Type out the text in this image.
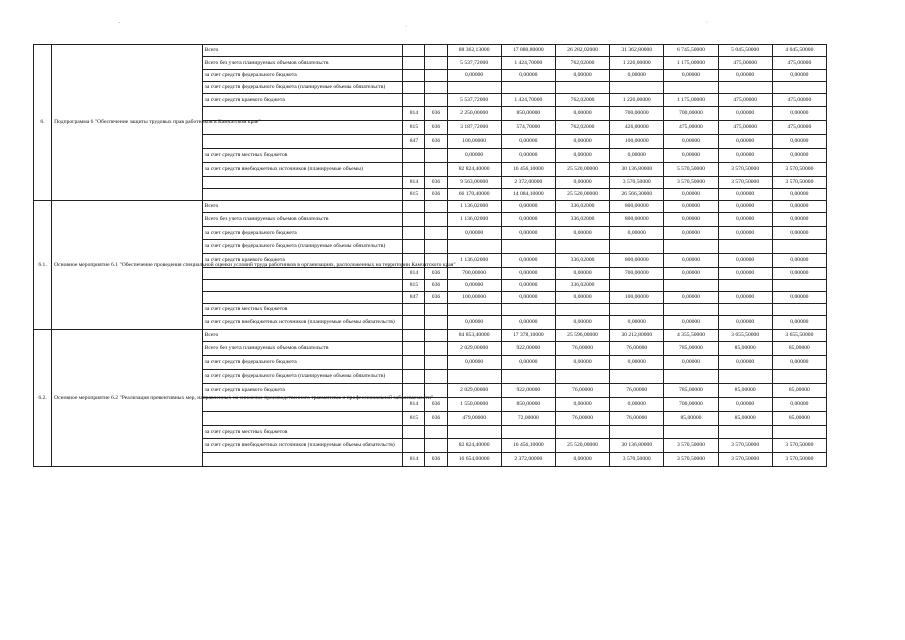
-
·
·
6.	Подпрограмма 6 "Обеспечение защиты трудовых прав работников в Камчатском крае"	Всего			88 362,13000	17 880,80000	26 282,02000	31 362,80000	6 745,50000	5 045,50000	4 045,50000
		Всего без учета планируемых объемов обязательств			5 537,72000	1 424,70000	762,02000	1 226,00000	1 175,00000	475,00000	475,00000
		за счет средств федерального бюджета			0,00000	0,00000	0,00000	0,00000	0,00000	0,00000	0,00000
		за счет средств федерального бюджета (планируемые объемы обязательств)									
		за счет средств краевого бюджета			5 537,72000	1 424,70000	762,02000	1 226,00000	1 175,00000	475,00000	475,00000
			814	036	2 250,00000	850,00000	0,00000	700,00000	700,00000	0,00000	0,00000
			815	036	3 187,72000	574,70000	762,02000	426,00000	475,00000	475,00000	475,00000
			847	036	100,00000	0,00000	0,00000	100,00000	0,00000	0,00000	0,00000
		за счет средств местных бюджетов			0,00000	0,00000	0,00000	0,00000	0,00000	0,00000	0,00000
		за счет средств внебюджетных источников (планируемые объемы)			82 824,40000	16 456,10000	25 520,00000	30 136,80000	5 570,50000	3 570,50000	3 570,50000
			814	036	9 563,00000	2 372,00000	0,00000	3 570,50000	3 570,50000	3 570,50000	3 570,50000
			815	036	66 170,40000	14 084,10000	25 520,00000	26 566,30000	0,00000	0,00000	0,00000
6.1.	Основное мероприятие 6.1 "Обеспечение проведения специальной оценки условий труда работников в организациях, расположенных на территории Камчатского края"	Всего			1 136,02000	0,00000	336,02000	800,00000	0,00000	0,00000	0,00000
		Всего без учета планируемых объемов обязательств			1 136,02000	0,00000	336,02000	800,00000	0,00000	0,00000	0,00000
		за счет средств федерального бюджета			0,00000	0,00000	0,00000	0,00000	0,00000	0,00000	0,00000
		за счет средств федерального бюджета (планируемые объемы обязательств)									
		за счет средств краевого бюджета			1 136,02000	0,00000	336,02000	800,00000	0,00000	0,00000	0,00000
			814	036	700,00000	0,00000	0,00000	700,00000	0,00000	0,00000	0,00000
			815	036	0,00000	0,00000	336,02000				
			847	036	100,00000	0,00000	0,00000	100,00000	0,00000	0,00000	0,00000
		за счет средств местных бюджетов									
		за счет средств внебюджетных источников (планируемые объемы обязательств)			0,00000	0,00000	0,00000	0,00000	0,00000	0,00000	0,00000
6.2.	Основное мероприятие 6.2 "Реализация превентивных мер, направленных на снижение производственного травматизма и профессиональной заболеваемости"	Всего			84 853,40000	17 378,10000	25 596,00000	30 212,80000	4 355,50000	3 655,50000	3 655,50000
		Всего без учета планируемых объемов обязательств			2 029,00000	922,00000	76,00000	76,00000	785,00000	85,00000	85,00000
		за счет средств федерального бюджета			0,00000	0,00000	0,00000	0,00000	0,00000	0,00000	0,00000
		за счет средств федерального бюджета (планируемые объемы обязательств)									
		за счет средств краевого бюджета			2 029,00000	922,00000	76,00000	76,00000	785,00000	85,00000	85,00000
			814	036	1 550,00000	850,00000	0,00000	0,00000	700,00000	0,00000	0,00000
			815	036	479,00000	72,00000	76,00000	76,00000	85,00000	85,00000	85,00000
		за счет средств местных бюджетов									
		за счет средств внебюджетных источников (планируемые объемы обязательств)			82 824,40000	16 456,10000	25 520,00000	30 136,80000	3 570,50000	3 570,50000	3 570,50000
			814	036	16 654,00000	2 372,00000	0,00000	3 570,50000	3 570,50000	3 570,50000	3 570,50000
